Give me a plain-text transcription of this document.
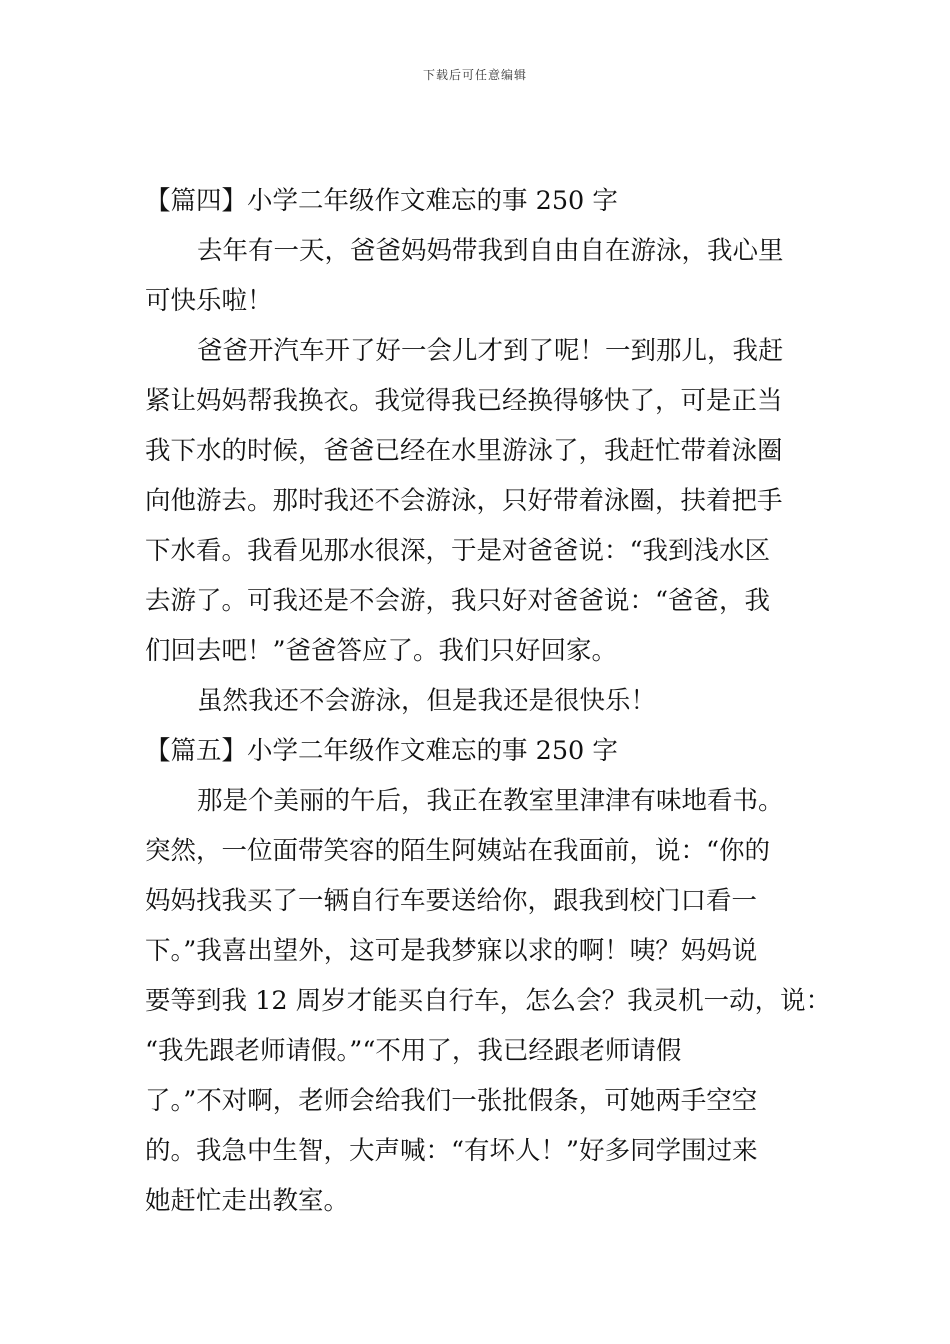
下载后可任意编辑

【篇四】小学二年级作文难忘的事 250 字

去年有一天，爸爸妈妈带我到自由自在游泳，我心里

可快乐啦！

爸爸开汽车开了好一会儿才到了呢！一到那儿，我赶

紧让妈妈帮我换衣。我觉得我已经换得够快了，可是正当

我下水的时候，爸爸已经在水里游泳了，我赶忙带着泳圈

向他游去。那时我还不会游泳，只好带着泳圈，扶着把手

下水看。我看见那水很深，于是对爸爸说：“我到浅水区

去游了。可我还是不会游，我只好对爸爸说：“爸爸，我

们回去吧！”爸爸答应了。我们只好回家。

虽然我还不会游泳，但是我还是很快乐！

【篇五】小学二年级作文难忘的事 250 字

那是个美丽的午后，我正在教室里津津有味地看书。

突然，一位面带笑容的陌生阿姨站在我面前，说：“你的

妈妈找我买了一辆自行车要送给你，跟我到校门口看一

下。”我喜出望外，这可是我梦寐以求的啊！咦？妈妈说

要等到我 12 周岁才能买自行车，怎么会？我灵机一动，说：

“我先跟老师请假。”“不用了，我已经跟老师请假

了。”不对啊，老师会给我们一张批假条，可她两手空空

的。我急中生智，大声喊：“有坏人！”好多同学围过来

她赶忙走出教室。
